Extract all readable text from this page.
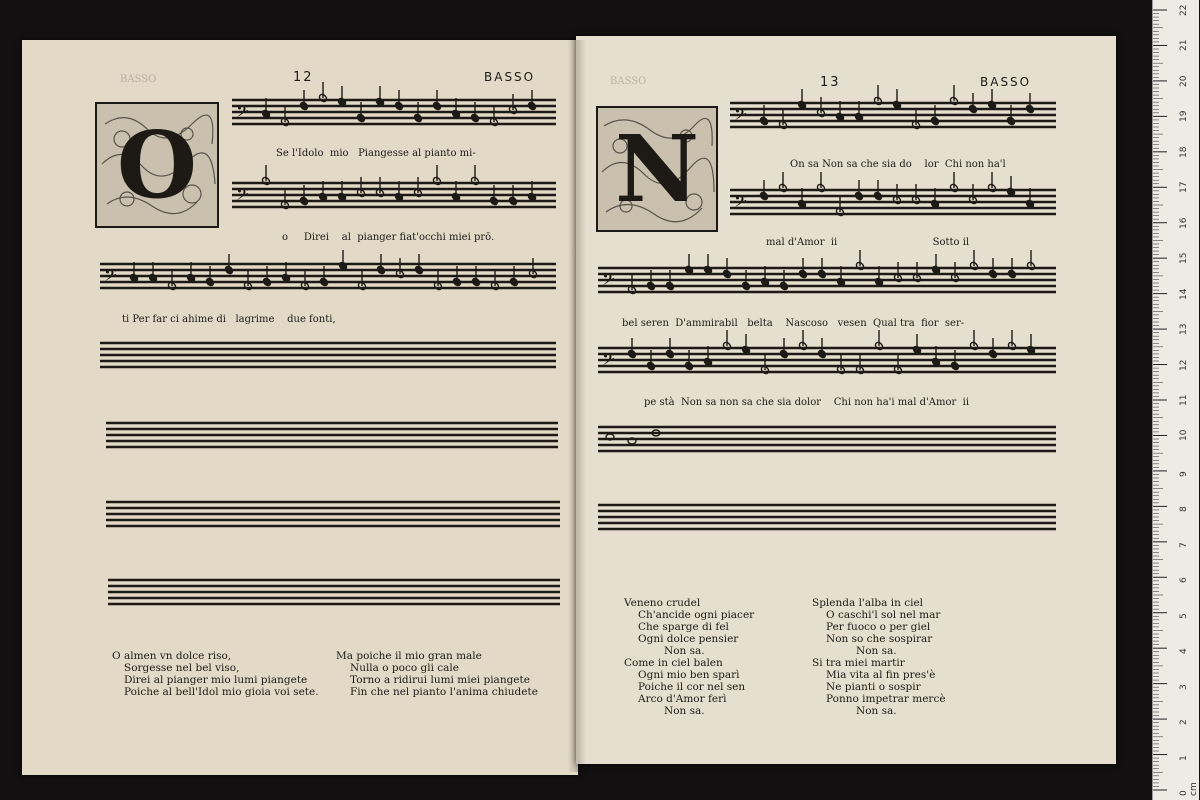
BASSO	BASSO
12	BASSO	13	BASSO
O	N
𝄢
𝄢
𝄢
𝄢
𝄢
𝄢
𝄢
Se l'Idolo  mio   Piangesse al pianto mi-
o     Direi    al  pianger fiat'occhi miei prō.
ti Per far ci ahime di   lagrime    due fonti,
On sa Non sa che sia do    lor  Chi non ha'l
mal d'Amor  ii                              Sotto il
bel seren  D'ammirabil   belta    Nascoso   vesen  Qual tra  fior  ser-
pe stà  Non sa non sa che sia dolor    Chi non ha'i mal d'Amor  ii
O almen vn dolce riso,
Sorgesse nel bel viso,
Direi al pianger mio lumi piangete
Poiche al bell'Idol mio gioia voi sete.
Ma poiche il mio gran male
Nulla o poco gli cale
Torno a ridirui lumi miei piangete
Fin che nel pianto l'anima chiudete
Veneno crudel
Ch'ancide ogni piacer
Che sparge di fel
Ogni dolce pensier
Non sa.
Come in ciel balen
Ogni mio ben sparì
Poiche il cor nel sen
Arco d'Amor ferì
Non sa.
Splenda l'alba in ciel
O caschi'l sol nel mar
Per fuoco o per giel
Non so che sospirar
Non sa.
Si tra miei martir
Mia vita al fin pres'è
Ne pianti o sospir
Ponno impetrar mercè
Non sa.
0
1
2
3
4
5
6
7
8
9
10
11
12
13
14
15
16
17
18
19
20
21
22
cm
